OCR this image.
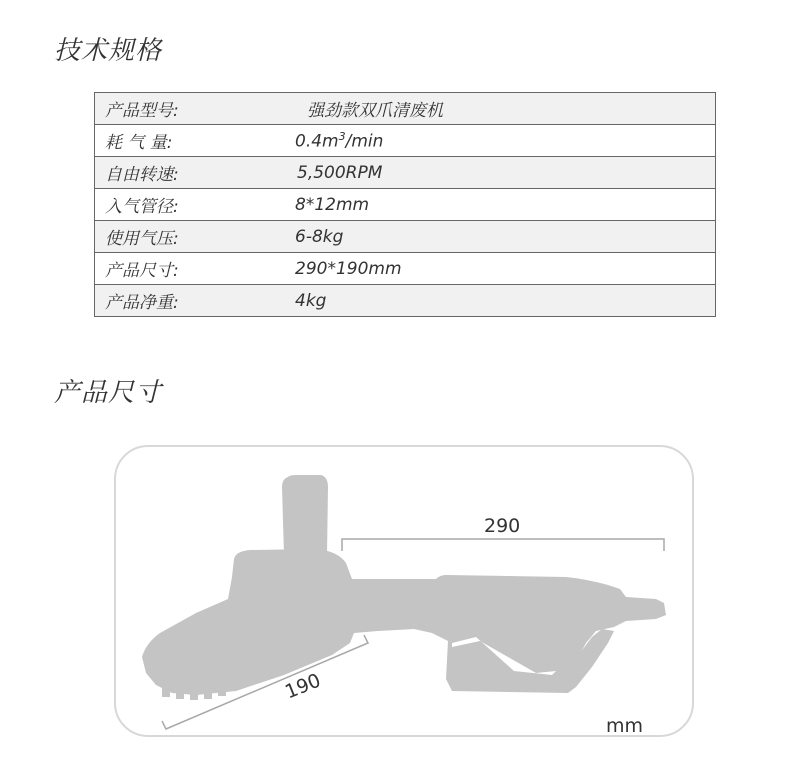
技术规格
产品型号:	强劲款双爪清废机
耗 气 量:	$0.4m^3/\min$
自由转速:	5,500RPM
入气管径:	8*12mm
使用气压:	6-8kg
产品尺寸:	290*190mm
产品净重:	4kg
产品尺寸
290
190
mm
